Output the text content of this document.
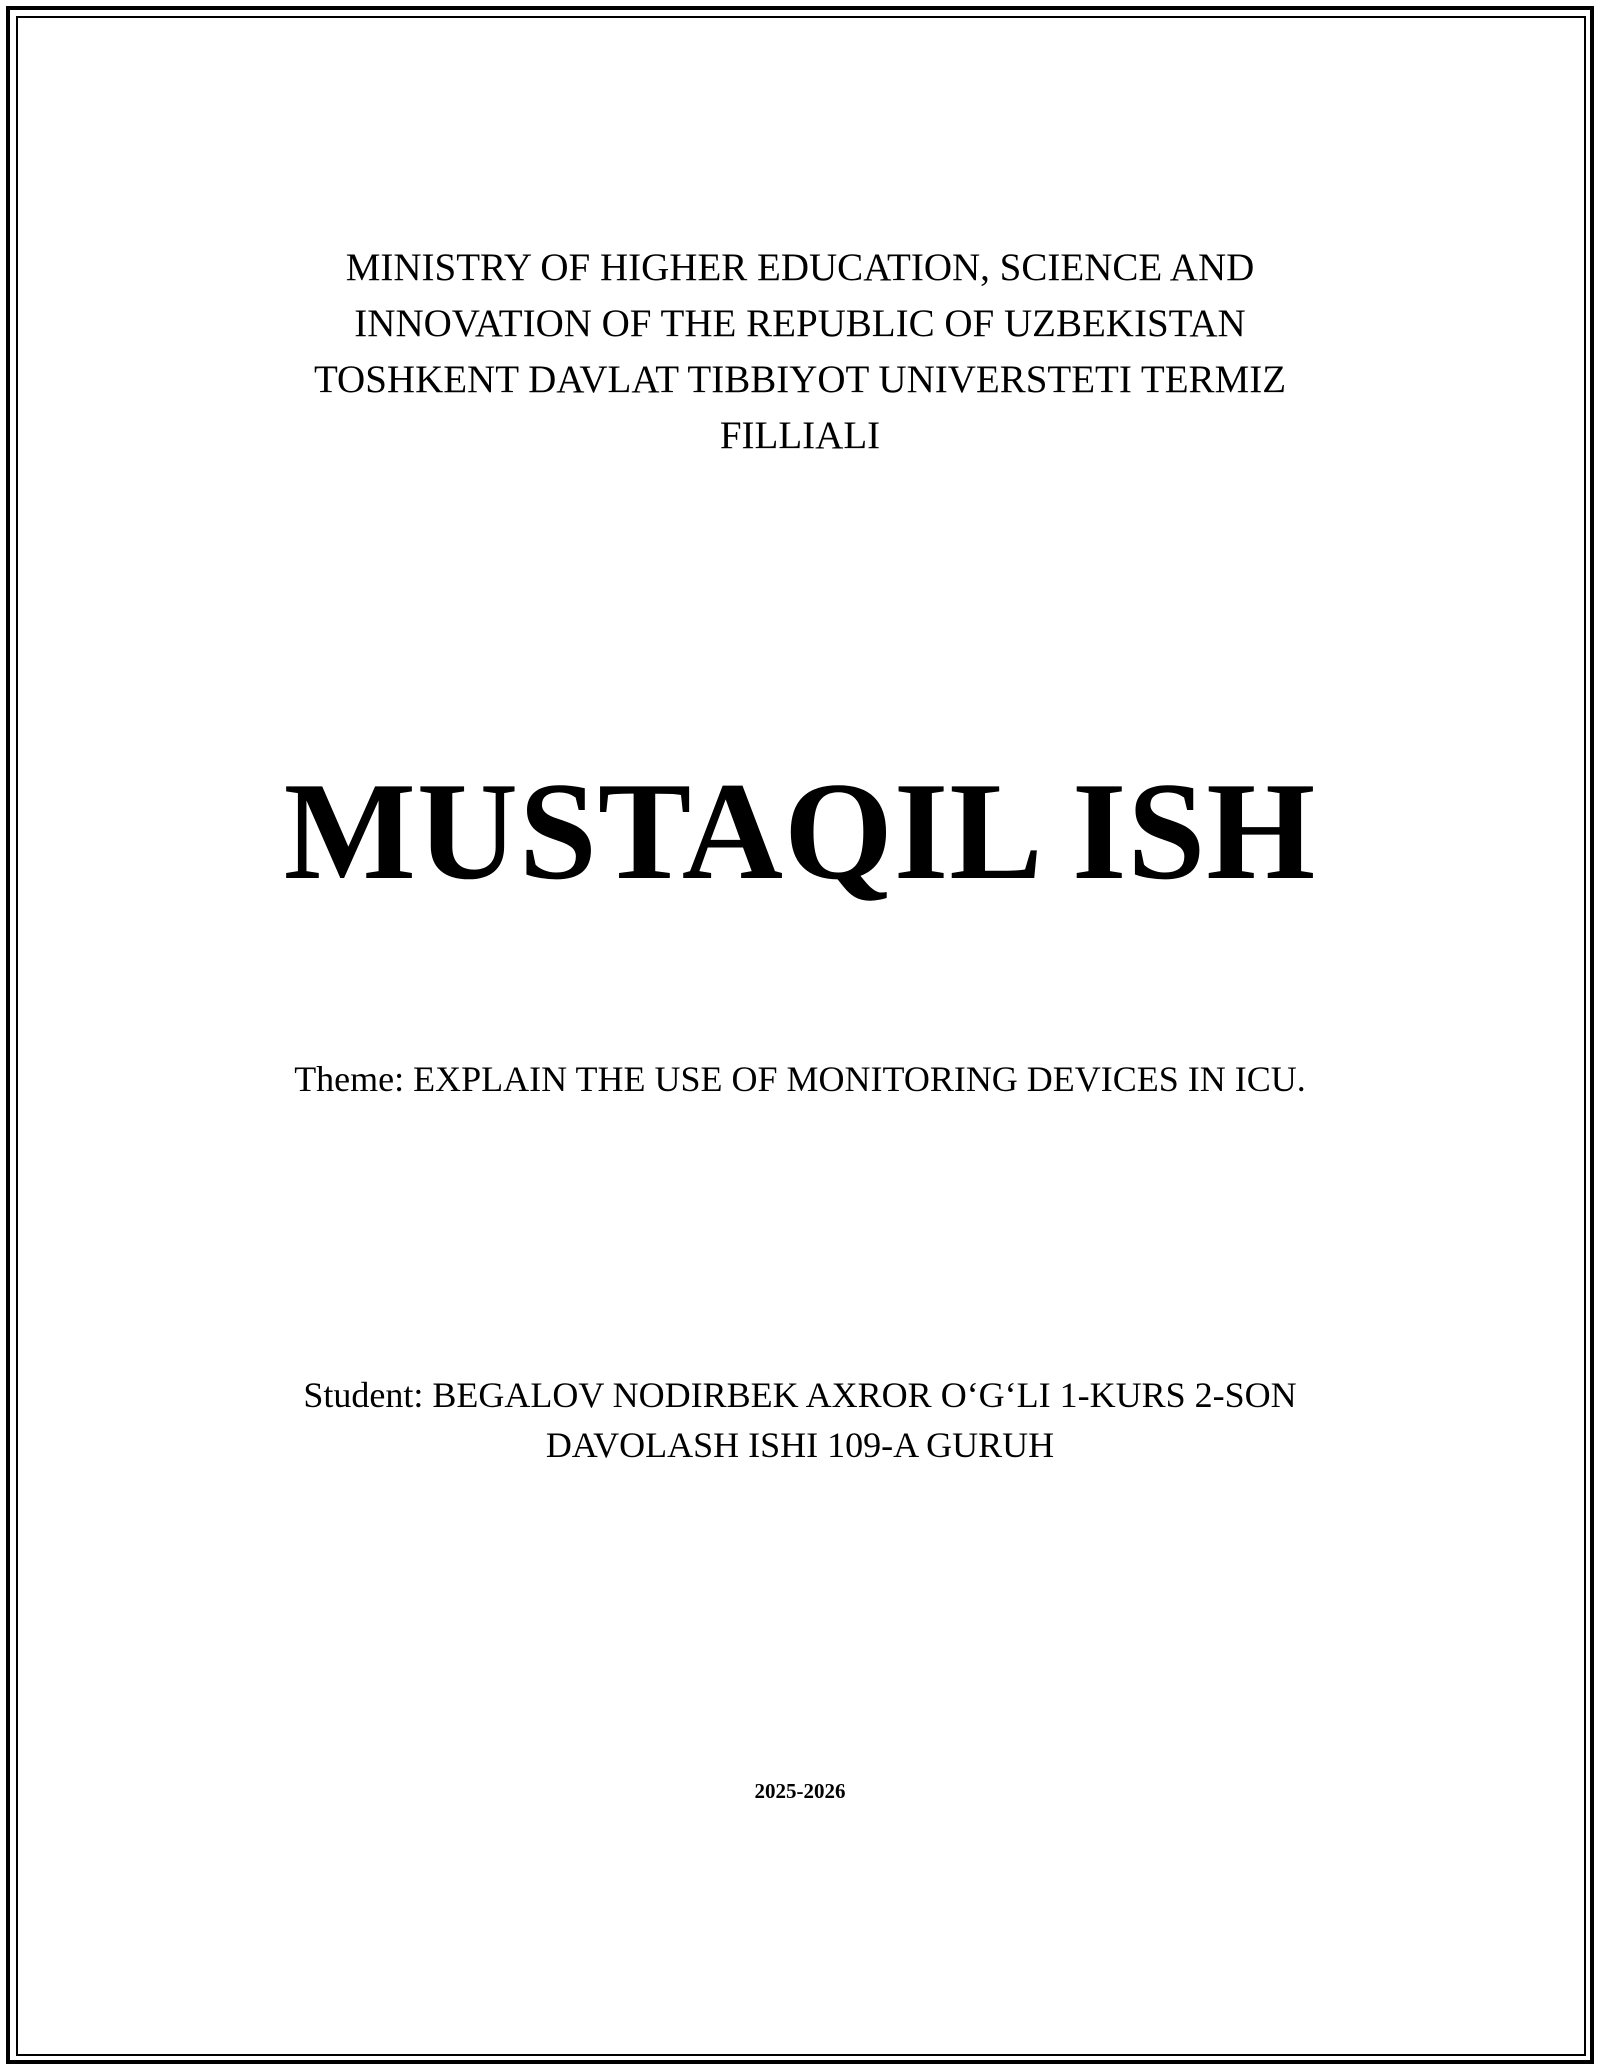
MINISTRY OF HIGHER EDUCATION, SCIENCE AND
INNOVATION OF THE REPUBLIC OF UZBEKISTAN
TOSHKENT DAVLAT TIBBIYOT UNIVERSTETI TERMIZ
FILLIALI
MUSTAQIL ISH
Theme: EXPLAIN THE USE OF MONITORING DEVICES IN ICU.
Student: BEGALOV NODIRBEK AXROR O‘G‘LI 1-KURS 2-SON
DAVOLASH ISHI 109-A GURUH
2025-2026
